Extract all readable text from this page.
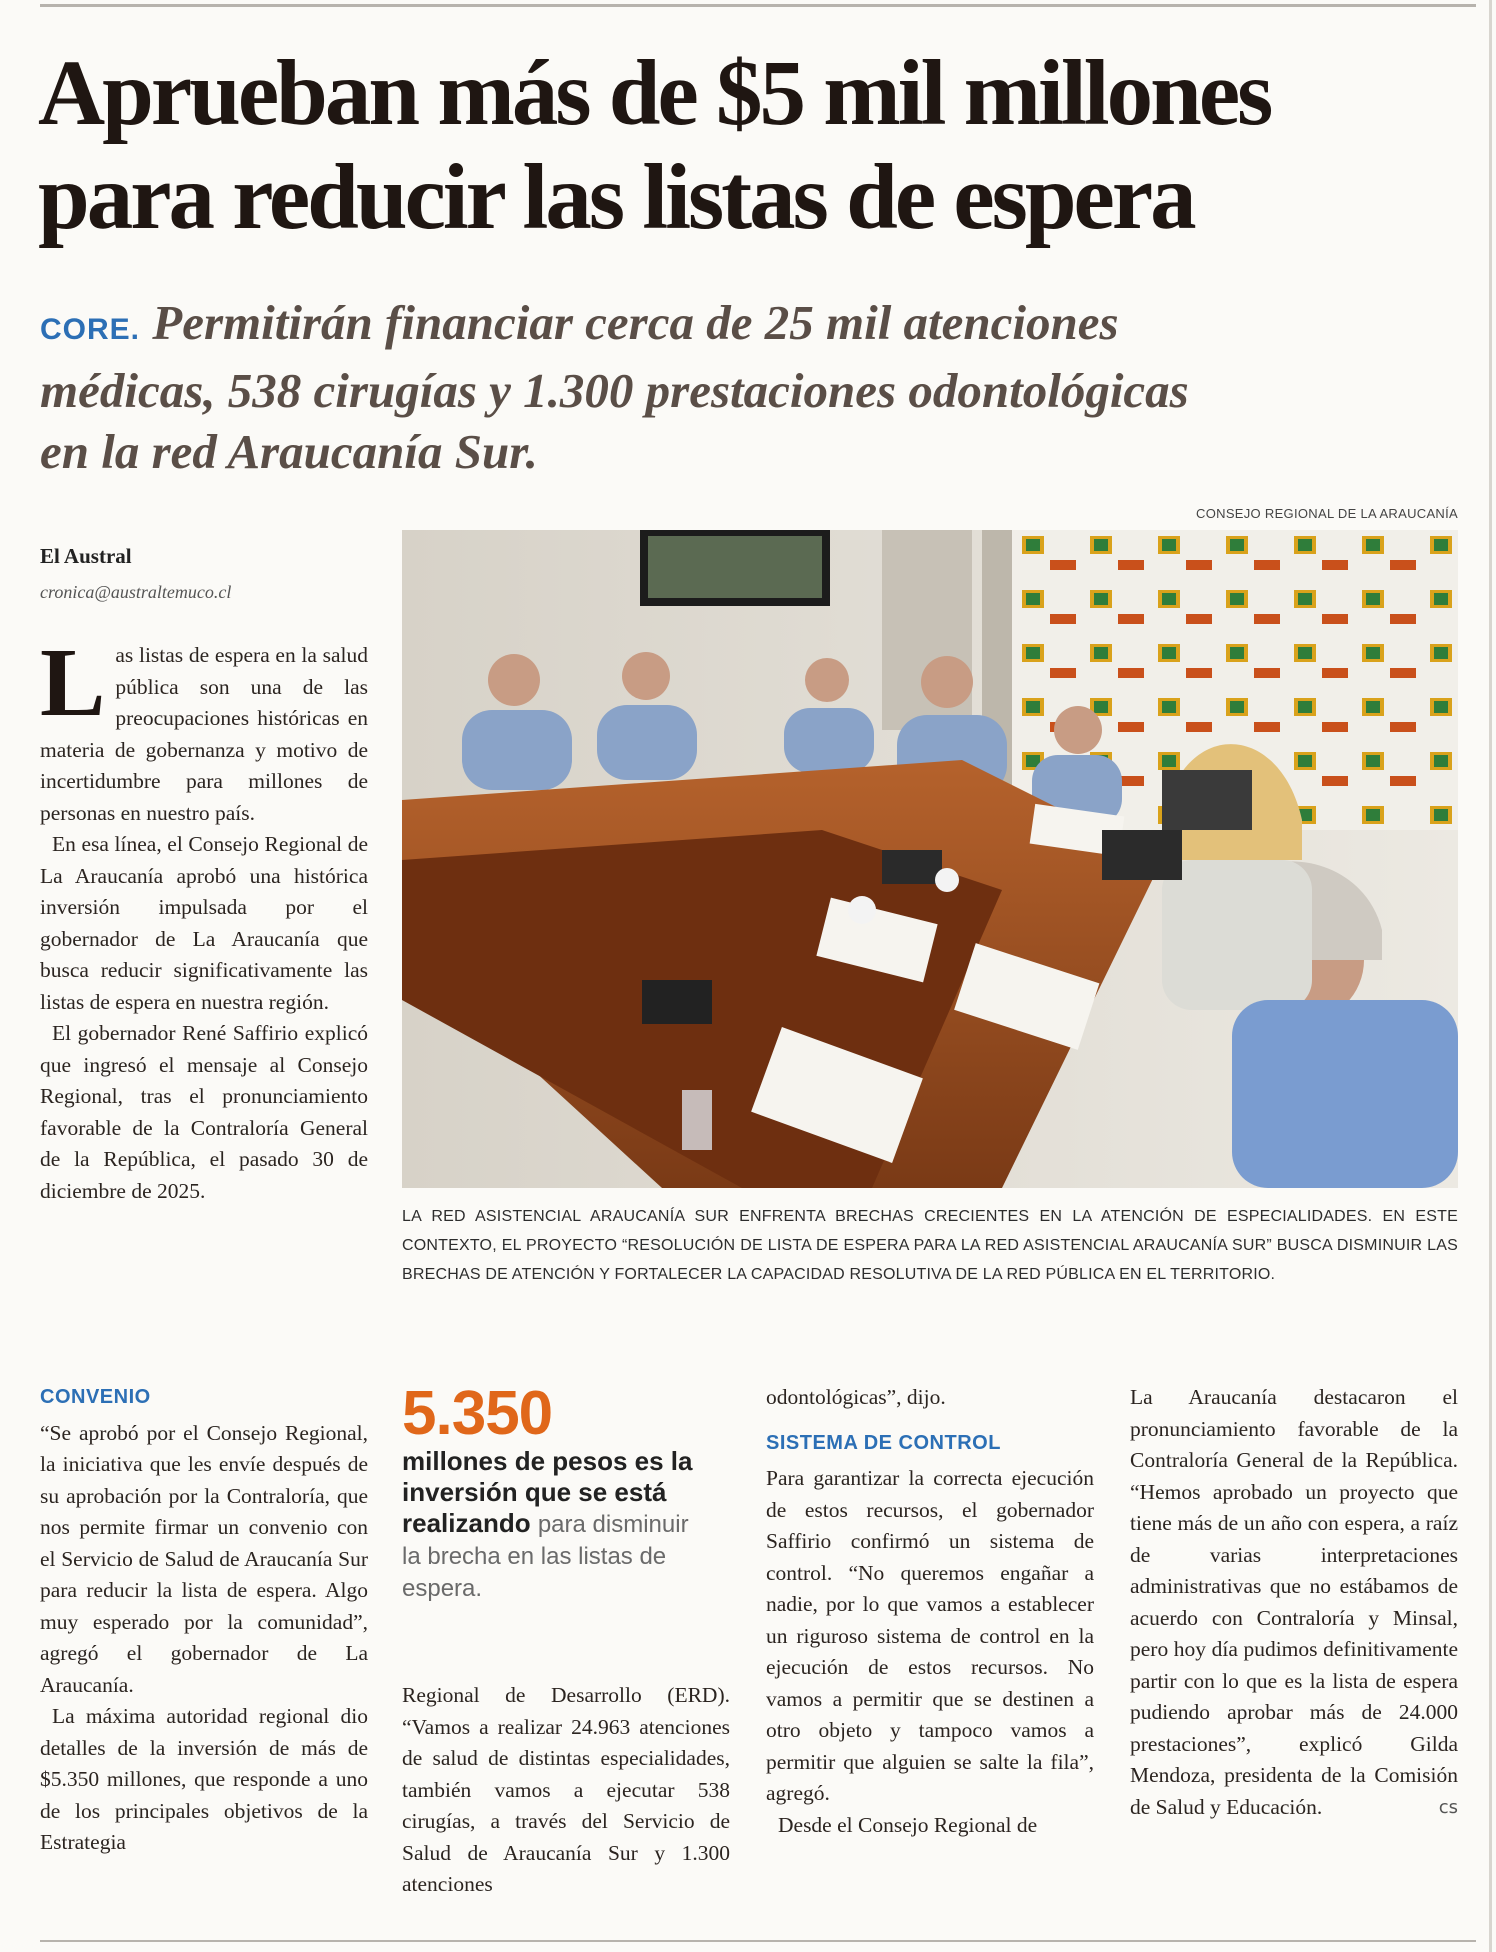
Aprueban más de $5 mil millones
para reducir las listas de espera
CORE. Permitirán financiar cerca de 25 mil atenciones
médicas, 538 cirugías y 1.300 prestaciones odontológicas
en la red Araucanía Sur.
CONSEJO REGIONAL DE LA ARAUCANÍA
El Austral
cronica@australtemuco.cl

Las listas de espera en la salud pública son una de las preocupaciones históricas en materia de gobernanza y motivo de incertidumbre para millones de personas en nuestro país.

En esa línea, el Consejo Regional de La Araucanía aprobó una histórica inversión impulsada por el gobernador de La Araucanía que busca reducir significativamente las listas de espera en nuestra región.

El gobernador René Saffirio explicó que ingresó el mensaje al Consejo Regional, tras el pronunciamiento favorable de la Contraloría General de la República, el pasado 30 de diciembre de 2025.

CONVENIO

“Se aprobó por el Consejo Regional, la iniciativa que les envíe después de su aprobación por la Contraloría, que nos permite firmar un convenio con el Servicio de Salud de Araucanía Sur para reducir la lista de espera. Algo muy esperado por la comunidad”, agregó el gobernador de La Araucanía.

La máxima autoridad regional dio detalles de la inversión de más de $5.350 millones, que responde a uno de los principales objetivos de la Estrategia

LA RED ASISTENCIAL ARAUCANÍA SUR ENFRENTA BRECHAS CRECIENTES EN LA ATENCIÓN DE ESPECIALIDADES. EN ESTE CONTEXTO, EL PROYECTO “RESOLUCIÓN DE LISTA DE ESPERA PARA LA RED ASISTENCIAL ARAUCANÍA SUR” BUSCA DISMINUIR LAS BRECHAS DE ATENCIÓN Y FORTALECER LA CAPACIDAD RESOLUTIVA DE LA RED PÚBLICA EN EL TERRITORIO.
5.350
millones de pesos es la inversión que se está realizando para disminuir la brecha en las listas de espera.

Regional de Desarrollo (ERD). “Vamos a realizar 24.963 atenciones de salud de distintas especialidades, también vamos a ejecutar 538 cirugías, a través del Servicio de Salud de Araucanía Sur y 1.300 atenciones

odontológicas”, dijo.

SISTEMA DE CONTROL

Para garantizar la correcta ejecución de estos recursos, el gobernador Saffirio confirmó un sistema de control. “No queremos engañar a nadie, por lo que vamos a establecer un riguroso sistema de control en la ejecución de estos recursos. No vamos a permitir que se destinen a otro objeto y tampoco vamos a permitir que alguien se salte la fila”, agregó.

Desde el Consejo Regional de

La Araucanía destacaron el pronunciamiento favorable de la Contraloría General de la República. “Hemos aprobado un proyecto que tiene más de un año con espera, a raíz de varias interpretaciones administrativas que no estábamos de acuerdo con Contraloría y Minsal, pero hoy día pudimos definitivamente partir con lo que es la lista de espera pudiendo aprobar más de 24.000 prestaciones”, explicó Gilda Mendoza, presidenta de la Comisión de Salud y Educación.	cs
